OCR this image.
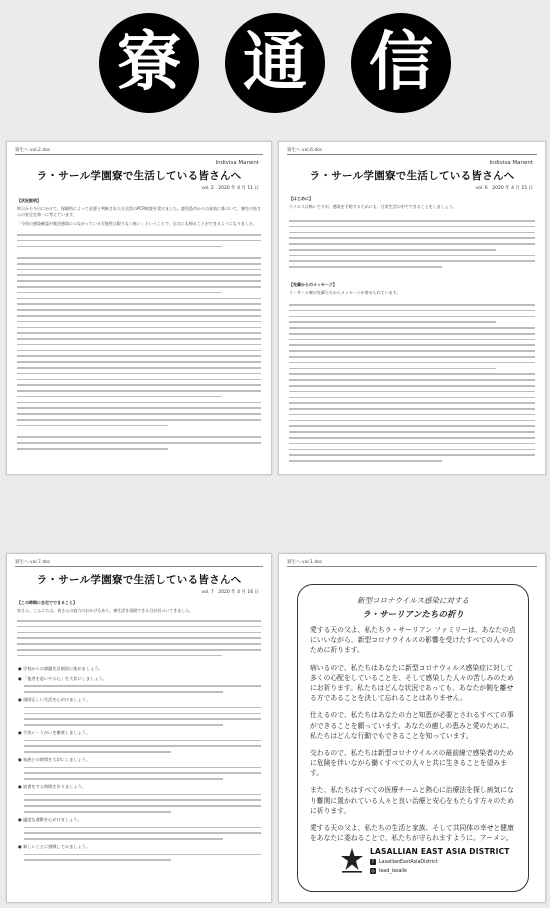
寮 通 信
寮生へ vol.2.doc
Indivisa Manent
ラ・サール学園寮で生活している皆さんへ
vol. 2　2020 年 4 月 11 日

【状況説明】

昨日から今日にかけて、保健所によって必要と判断された方全員のPCR検査を受けました。鹿児島市からの発表に基づいて、寮生の皆さんの安全を第一に考えています。

「今回の感染確認が集団感染につながっている可能性は限りなく低い」ということで、自宅にも帰ることができるようになりました。

寮生へ vol.6.doc
Indivisa Manent
ラ・サール学園寮で生活している皆さんへ
vol. 6　2020 年 4 月 15 日

【はじめに】

ウイルスは怖いですが、感染を予防するためにも、日常生活の中でできることをしましょう。

【先輩からのメッセージ】

ラ・サール寮の先輩たちからメッセージが寄せられています。

寮生へ vol.7.doc
ラ・サール学園寮で生活している皆さんへ
vol. 7　2020 年 4 月 16 日

【この時期に自宅でできること】

皆さん、こんにちは。皆さんの協力のおかげもあり、寮生活を再開できる日が近づいてきました。

● 学校からの課題を計画的に進めましょう。

● 「他者を思いやる心」を大切にしましょう。

● 規則正しい生活を心がけましょう。

● 手洗い・うがいを徹底しましょう。

● 家族との時間を大切にしましょう。

● 読書をする時間を作りましょう。

● 適度な運動を心がけましょう。

● 新しいことに挑戦してみましょう。

寮生へ vol.1.doc
新型コロナウイルス感染に対する
ラ・サーリアンたちの祈り

愛する天の父よ、私たちラ・サーリアン ファミリーは、あなたの点にいいながら、新型コロナウイルスの影響を受けたすべての人々のために祈ります。

病いるので、私たちはあなたに新型コロナウィルス感染症に対して多くの心配をしていることを、そして感染した人々の苦しみのためにお祈ります。私たちはどんな状況であっても、あなたが側を離せる方であることを決して忘れることはありません。

仕えるので、私たちはあなたの力と知恵が必要とされるすべての事ができることを願っています。あなたの癒しの恵みと愛のために、私たちはどんな行動でもできることを知っています。

交わるので、私たちは新型コロナウイルスの最前線で感染者のために危険を伴いながら働くすべての人々と共に生きることを望みます。

また、私たちはすべての医療チームと熱心に治療法を探し病気になり難関に置かれている人々と良い治療と安心をもたらす方々のために祈ります。

愛する天の父よ、私たちの生活と家族、そして共同体の幸せと健康をあなたに委ねることで、私たちが守られますように。アーメン。

LASALLIAN EAST ASIA DISTRICT
f	LasallianEastAsiaDistrict
◎ lead_lasalle
